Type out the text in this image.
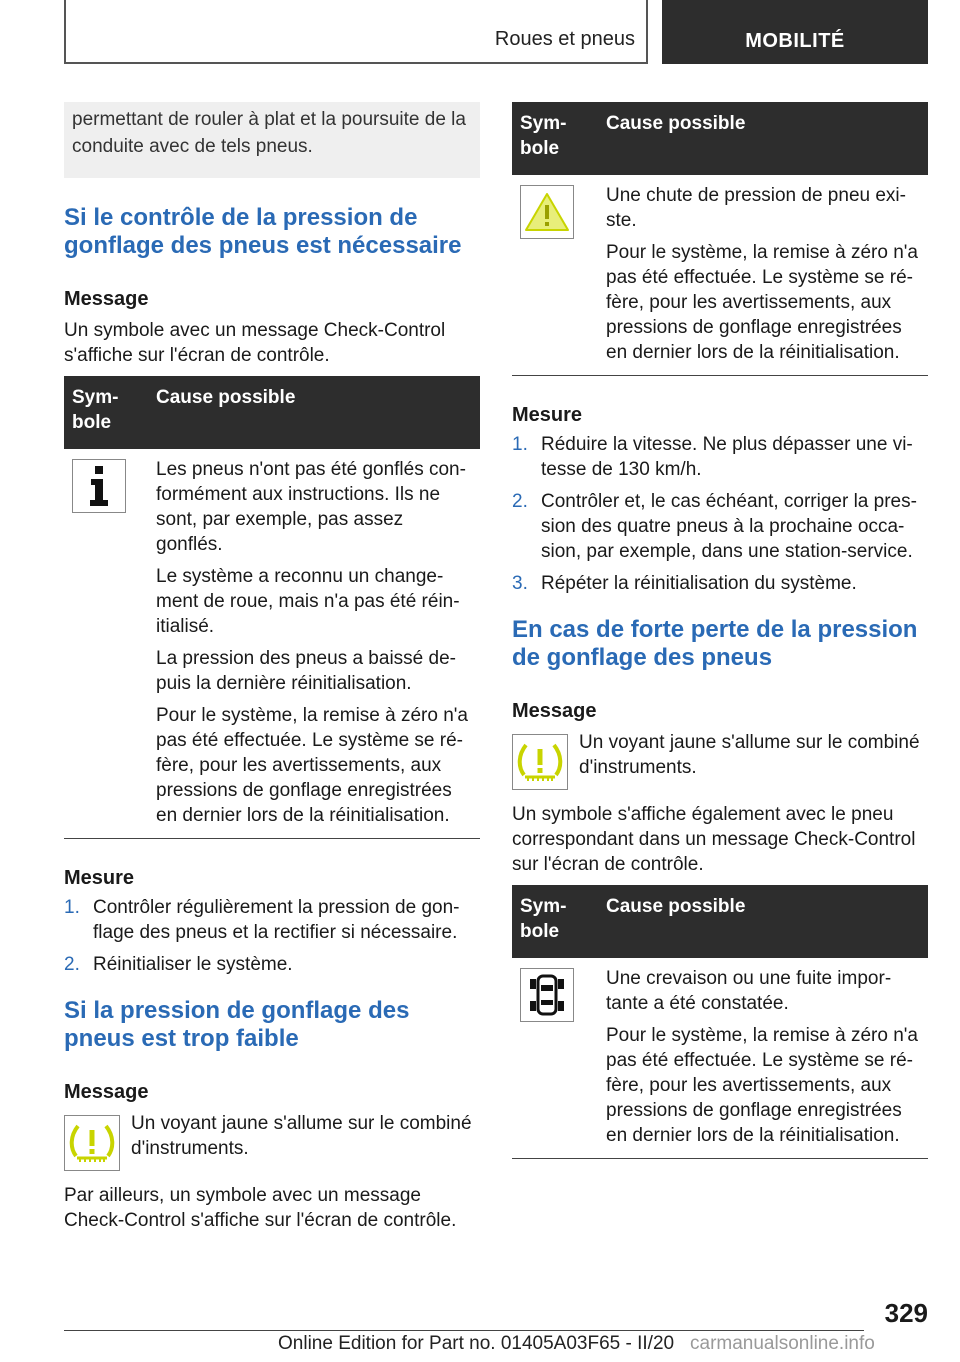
Roues et pneus	MOBILITÉ
permettant de rouler à plat et la poursuite de la conduite avec de tels pneus.
Si le contrôle de la pression de gonflage des pneus est nécessaire

Message

Un symbole avec un message Check-Control s'affiche sur l'écran de contrôle.

Sym-bole	Cause possible

Les pneus n'ont pas été gonflés con-formément aux instructions. Ils ne sont, par exemple, pas assez gonflés.

Le système a reconnu un change-ment de roue, mais n'a pas été réin-itialisé.

La pression des pneus a baissé de-puis la dernière réinitialisation.

Pour le système, la remise à zéro n'a pas été effectuée. Le système se ré-fère, pour les avertissements, aux pressions de gonflage enregistrées en dernier lors de la réinitialisation.

Mesure

1. Contrôler régulièrement la pression de gon-flage des pneus et la rectifier si nécessaire.
2. Réinitialiser le système.
Si la pression de gonflage des pneus est trop faible

Message

Un voyant jaune s'allume sur le combiné d'instruments.

Par ailleurs, un symbole avec un message Check-Control s'affiche sur l'écran de contrôle.

Sym-bole	Cause possible

Une chute de pression de pneu exi-ste.

Pour le système, la remise à zéro n'a pas été effectuée. Le système se ré-fère, pour les avertissements, aux pressions de gonflage enregistrées en dernier lors de la réinitialisation.

Mesure

1. Réduire la vitesse. Ne plus dépasser une vi-tesse de 130 km/h.
2. Contrôler et, le cas échéant, corriger la pres-sion des quatre pneus à la prochaine occa-sion, par exemple, dans une station-service.
3. Répéter la réinitialisation du système.
En cas de forte perte de la pression de gonflage des pneus

Message

Un voyant jaune s'allume sur le combiné d'instruments.

Un symbole s'affiche également avec le pneu correspondant dans un message Check-Control sur l'écran de contrôle.

Sym-bole	Cause possible

Une crevaison ou une fuite impor-tante a été constatée.

Pour le système, la remise à zéro n'a pas été effectuée. Le système se ré-fère, pour les avertissements, aux pressions de gonflage enregistrées en dernier lors de la réinitialisation.

329
Online Edition for Part no. 01405A03F65 - II/20 carmanualsonline.info
